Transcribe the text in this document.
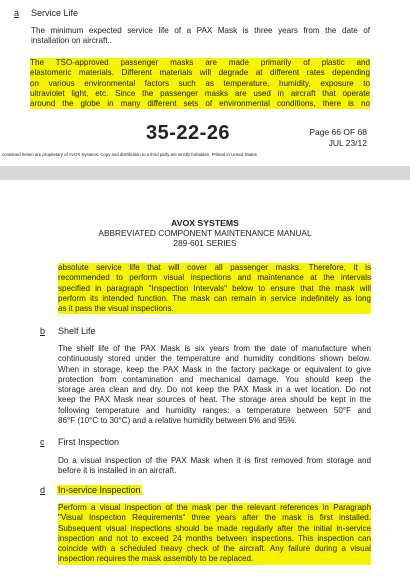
a Service Life
The minimum expected service life of a PAX Mask is three years from the date of
installation on aircraft..
The TSO-approved passenger masks are made primarily of plastic and
elastomeric materials. Different materials will degrade at different rates depending
on various environmental factors such as temperature, humidity, exposure to
ultraviolet light, etc. Since the passenger masks are used in aircraft that operate
around the globe in many different sets of environmental conditions, there is no
35-22-26	Page 66 OF 68
JUL 23/12
contained herein are proprietary of AVOX Systems. Copy and distribution to a third party are strictly forbidden. Printed in United States
AVOX SYSTEMS
ABBREVIATED COMPONENT MAINTENANCE MANUAL
289-601 SERIES
absolute service life that will cover all passenger masks. Therefore, it is
recommended to perform visual inspections and maintenance at the intervals
specified in paragraph "Inspection Intervals" below to ensure that the mask will
perform its intended function. The mask can remain in service indefinitely as long
as it pass the visual inspections.
b Shelf Life
The shelf life of the PAX Mask is six years from the date of manufacture when
continuously stored under the temperature and humidity conditions shown below.
When in storage, keep the PAX Mask in the factory package or equivalent to give
protection from contamination and mechanical damage. You should keep the
storage area clean and dry. Do not keep the PAX Mask in a wet location. Do not
keep the PAX Mask near sources of heat. The storage area should be kept in the
following temperature and humidity ranges: a temperature between 50°F and
86°F (10°C to 30°C) and a relative humidity between 5% and 95%.
c First Inspection
Do a visual inspection of the PAX Mask when it is first removed from storage and
before it is installed in an aircraft.
d In-service Inspection
Perform a visual inspection of the mask per the relevant references in Paragraph
"Visual Inspection Requirements" three years after the mask is first installed.
Subsequent visual inspections should be made regularly after the initial in-service
inspection and not to exceed 24 months between inspections. This inspection can
coincide with a scheduled heavy check of the aircraft. Any failure during a visual
inspection requires the mask assembly to be replaced.
